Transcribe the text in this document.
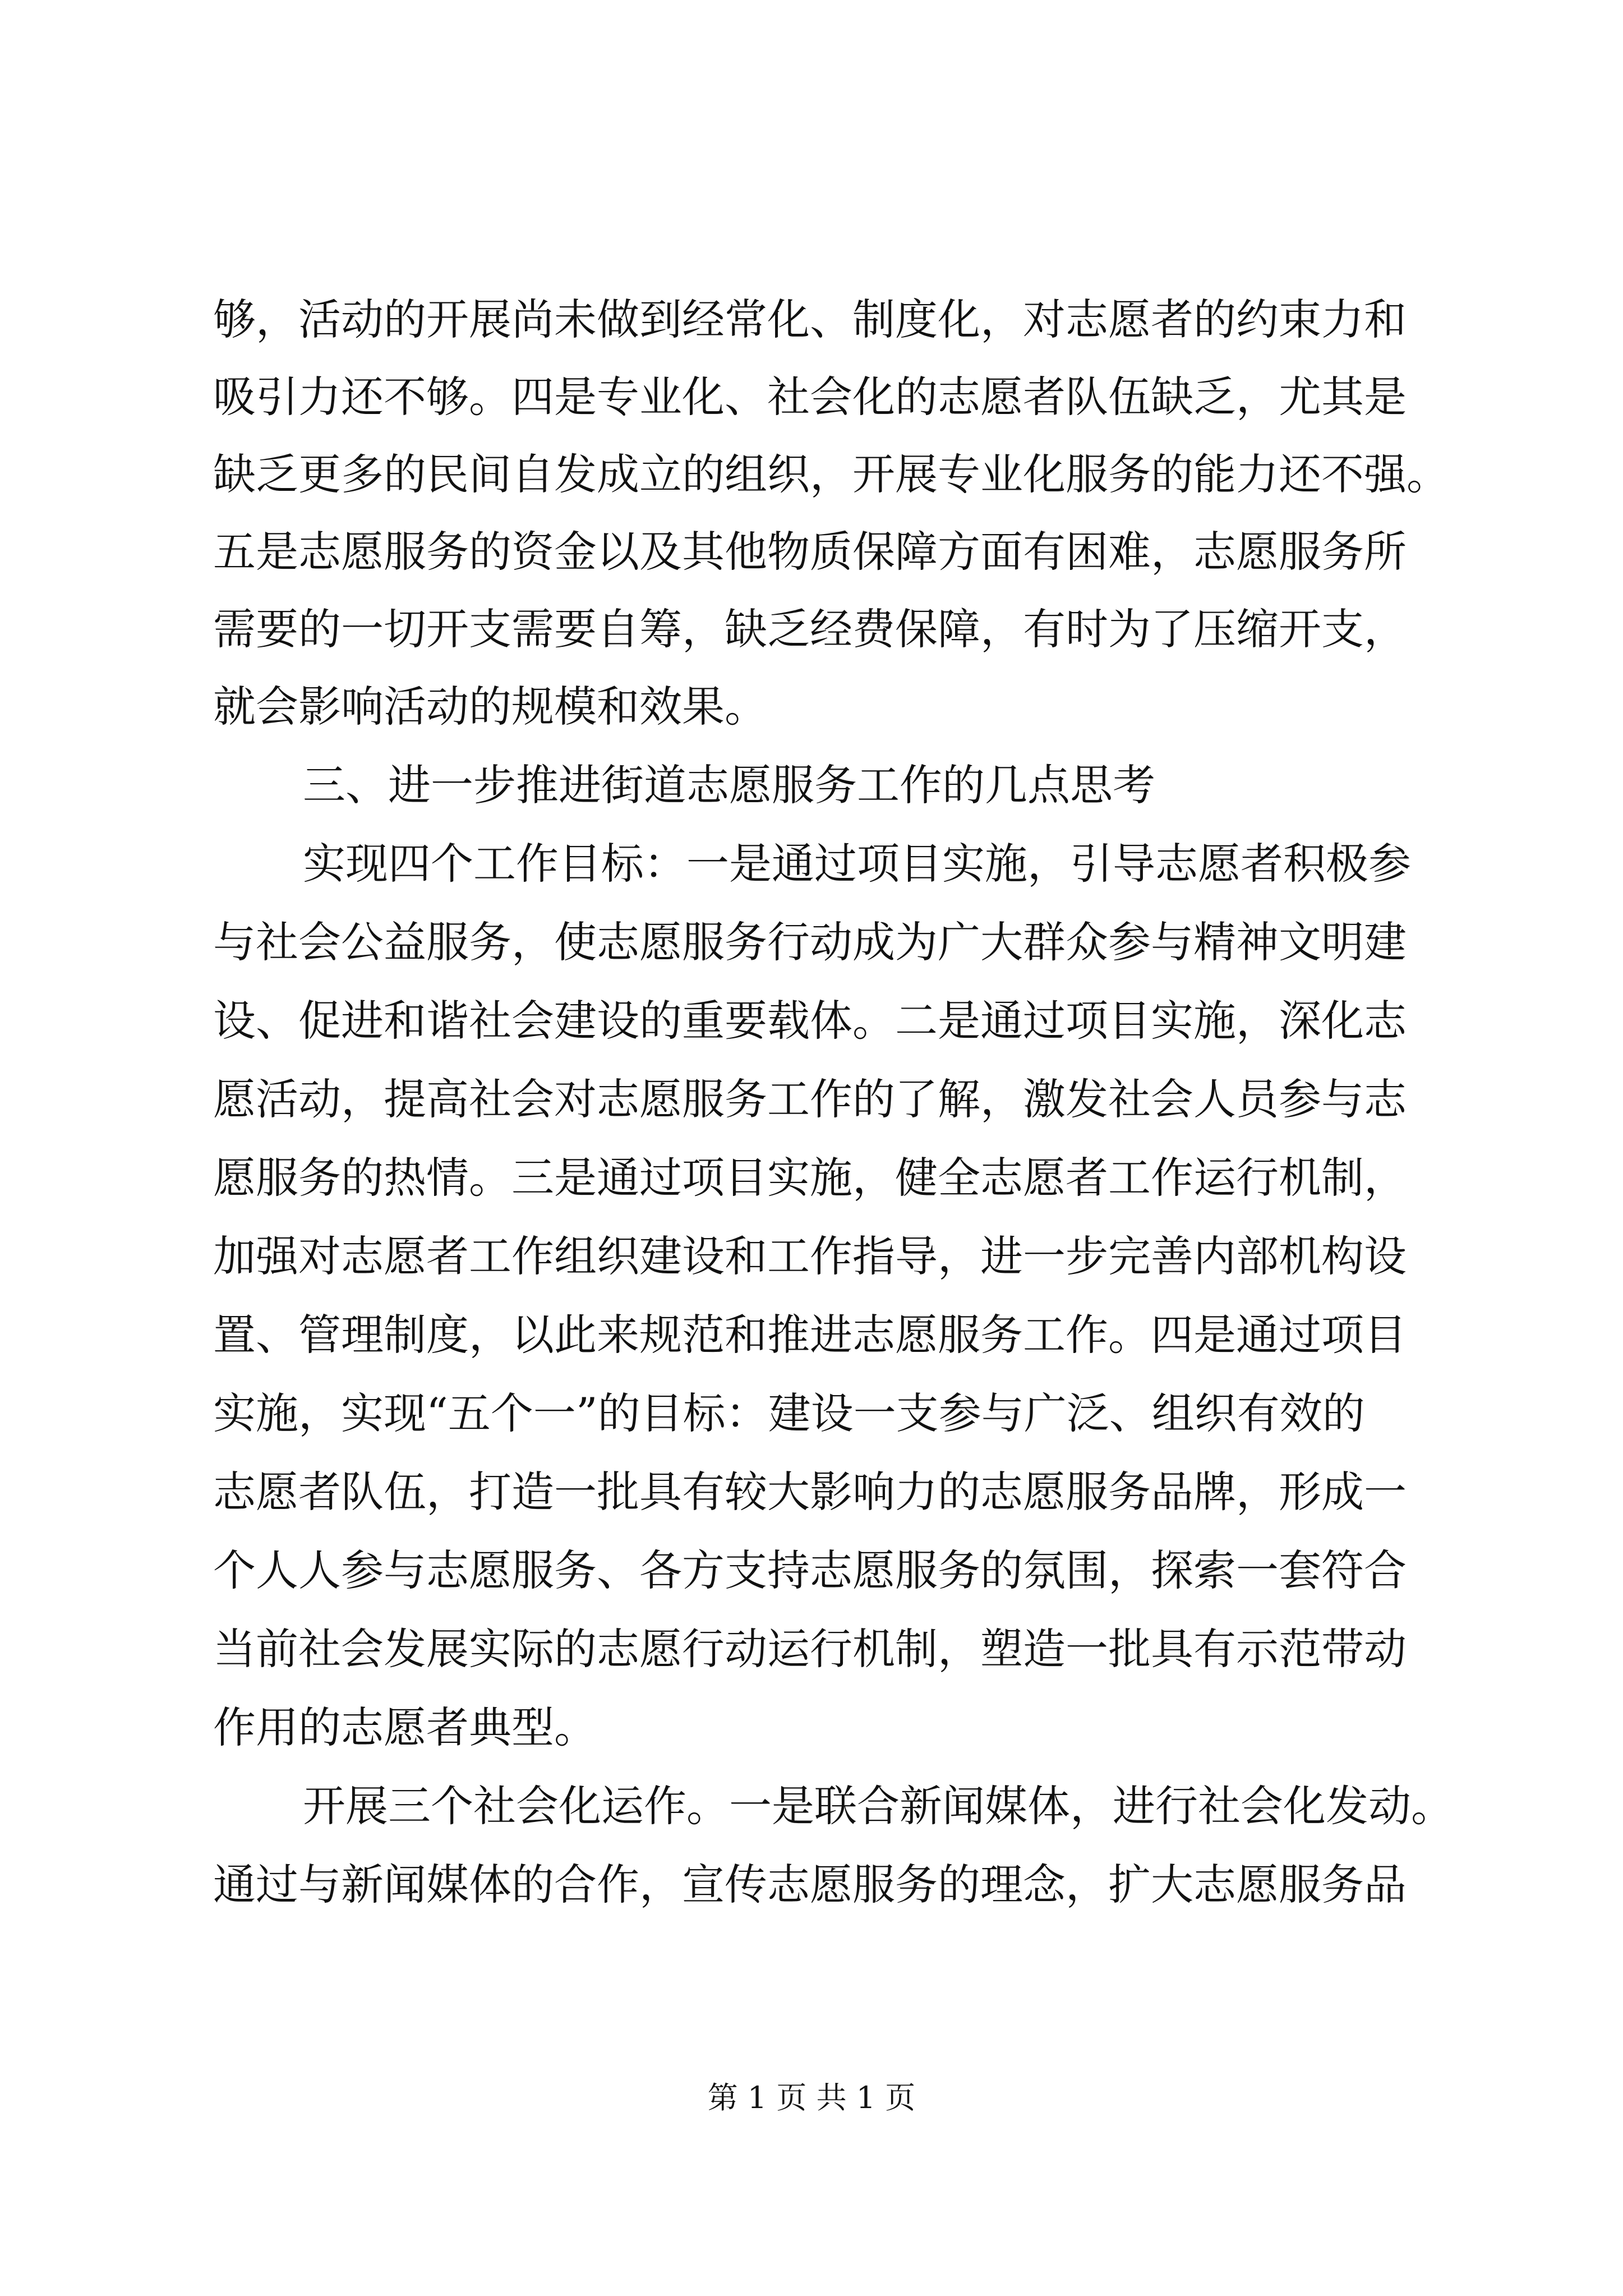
够，活动的开展尚未做到经常化、制度化，对志愿者的约束力和
吸引力还不够。四是专业化、社会化的志愿者队伍缺乏，尤其是
缺乏更多的民间自发成立的组织，开展专业化服务的能力还不强。
五是志愿服务的资金以及其他物质保障方面有困难，志愿服务所
需要的一切开支需要自筹，缺乏经费保障，有时为了压缩开支，
就会影响活动的规模和效果。
三、进一步推进街道志愿服务工作的几点思考
实现四个工作目标：一是通过项目实施，引导志愿者积极参
与社会公益服务，使志愿服务行动成为广大群众参与精神文明建
设、促进和谐社会建设的重要载体。二是通过项目实施，深化志
愿活动，提高社会对志愿服务工作的了解，激发社会人员参与志
愿服务的热情。三是通过项目实施，健全志愿者工作运行机制，
加强对志愿者工作组织建设和工作指导，进一步完善内部机构设
置、管理制度，以此来规范和推进志愿服务工作。四是通过项目
实施，实现“五个一”的目标：建设一支参与广泛、组织有效的
志愿者队伍，打造一批具有较大影响力的志愿服务品牌，形成一
个人人参与志愿服务、各方支持志愿服务的氛围，探索一套符合
当前社会发展实际的志愿行动运行机制，塑造一批具有示范带动
作用的志愿者典型。
开展三个社会化运作。一是联合新闻媒体，进行社会化发动。
通过与新闻媒体的合作，宣传志愿服务的理念，扩大志愿服务品
第 1 页 共 1 页
